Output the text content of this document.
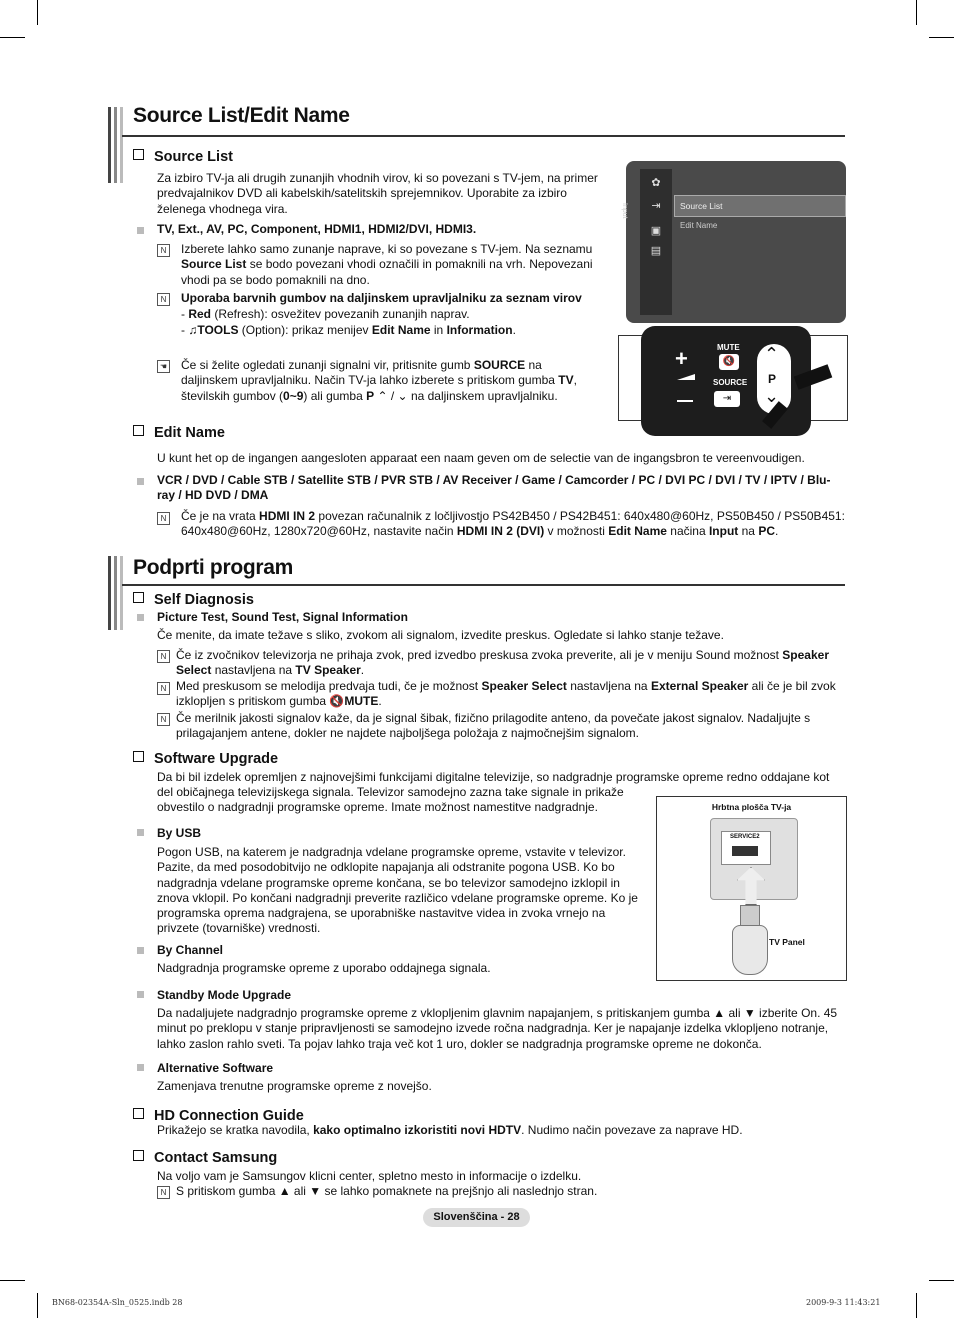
Source List/Edit Name
Source List
Za izbiro TV-ja ali drugih zunanjih vhodnih virov, ki so povezani s TV-jem, na primer predvajalnikov DVD ali kabelskih/satelitskih sprejemnikov. Uporabite za izbiro želenega vhodnega vira.
TV, Ext., AV, PC, Component, HDMI1, HDMI2/DVI, HDMI3.
N	Izberete lahko samo zunanje naprave, ki so povezane s TV-jem. Na seznamu Source List se bodo povezani vhodi označili in pomaknili na vrh. Nepovezani vhodi pa se bodo pomaknili na dno.
N	Uporaba barvnih gumbov na daljinskem upravljalniku za seznam virov
- Red (Refresh): osvežitev povezanih zunanjih naprav.
- ♫TOOLS (Option): prikaz menijev Edit Name in Information.
☚ Če si želite ogledati zunanji signalni vir, pritisnite gumb SOURCE na daljinskem upravljalniku. Način TV-ja lahko izberete s pritiskom gumba TV, številskih gumbov (0~9) ali gumba P ⌃ / ⌄ na daljinskem upravljalniku.
Input
✿
⇥
▣
▤
Source List
Edit Name
+	MUTE
🔇
SOURCE
⇥
⌃
P
⌄
Edit Name
U kunt het op de ingangen aangesloten apparaat een naam geven om de selectie van de ingangsbron te vereenvoudigen.
VCR / DVD / Cable STB / Satellite STB / PVR STB / AV Receiver / Game / Camcorder / PC / DVI PC / DVI / TV / IPTV / Blu-ray / HD DVD / DMA
N	Če je na vrata HDMI IN 2 povezan računalnik z ločljivostjo PS42B450 / PS42B451: 640x480@60Hz, PS50B450 / PS50B451: 640x480@60Hz, 1280x720@60Hz, nastavite način HDMI IN 2 (DVI) v možnosti Edit Name načina Input na PC.
Podprti program
Self Diagnosis
Picture Test, Sound Test, Signal Information
Če menite, da imate težave s sliko, zvokom ali signalom, izvedite preskus. Ogledate si lahko stanje težave.
N Če iz zvočnikov televizorja ne prihaja zvok, pred izvedbo preskusa zvoka preverite, ali je v meniju Sound možnost Speaker Select nastavljena na TV Speaker.
N Med preskusom se melodija predvaja tudi, če je možnost Speaker Select nastavljena na External Speaker ali če je bil zvok izklopljen s pritiskom gumba 🔇MUTE.
N Če merilnik jakosti signalov kaže, da je signal šibak, fizično prilagodite anteno, da povečate jakost signalov. Nadaljujte s prilagajanjem antene, dokler ne najdete najboljšega položaja z najmočnejšim signalom.
Software Upgrade
Da bi bil izdelek opremljen z najnovejšimi funkcijami digitalne televizije, so nadgradnje programske opreme redno oddajane kot
del običajnega televizijskega signala. Televizor samodejno zazna take signale in prikaže obvestilo o nadgradnji programske opreme. Imate možnost namestitve nadgradnje.
By USB
Pogon USB, na katerem je nadgradnja vdelane programske opreme, vstavite v televizor. Pazite, da med posodobitvijo ne odklopite napajanja ali odstranite pogona USB. Ko bo nadgradnja vdelane programske opreme končana, se bo televizor samodejno izklopil in znova vklopil. Po končani nadgradnji preverite različico vdelane programske opreme. Ko je programska oprema nadgrajena, se uporabniške nastavitve videa in zvoka vrnejo na privzete (tovarniške) vrednosti.
By Channel
Nadgradnja programske opreme z uporabo oddajnega signala.
Hrbtna plošča TV-ja
SERVICE2
TV Panel
Standby Mode Upgrade
Da nadaljujete nadgradnjo programske opreme z vklopljenim glavnim napajanjem, s pritiskanjem gumba ▲ ali ▼ izberite On. 45 minut po preklopu v stanje pripravljenosti se samodejno izvede ročna nadgradnja. Ker je napajanje izdelka vklopljeno notranje, lahko zaslon rahlo sveti. Ta pojav lahko traja več kot 1 uro, dokler se nadgradnja programske opreme ne dokonča.
Alternative Software
Zamenjava trenutne programske opreme z novejšo.
HD Connection Guide
Prikažejo se kratka navodila, kako optimalno izkoristiti novi HDTV. Nudimo način povezave za naprave HD.
Contact Samsung
Na voljo vam je Samsungov klicni center, spletno mesto in informacije o izdelku.
N S pritiskom gumba ▲ ali ▼ se lahko pomaknete na prejšnjo ali naslednjo stran.
Slovenščina - 28
BN68-02354A-Sln_0525.indb 28	2009-9-3 11:43:21
